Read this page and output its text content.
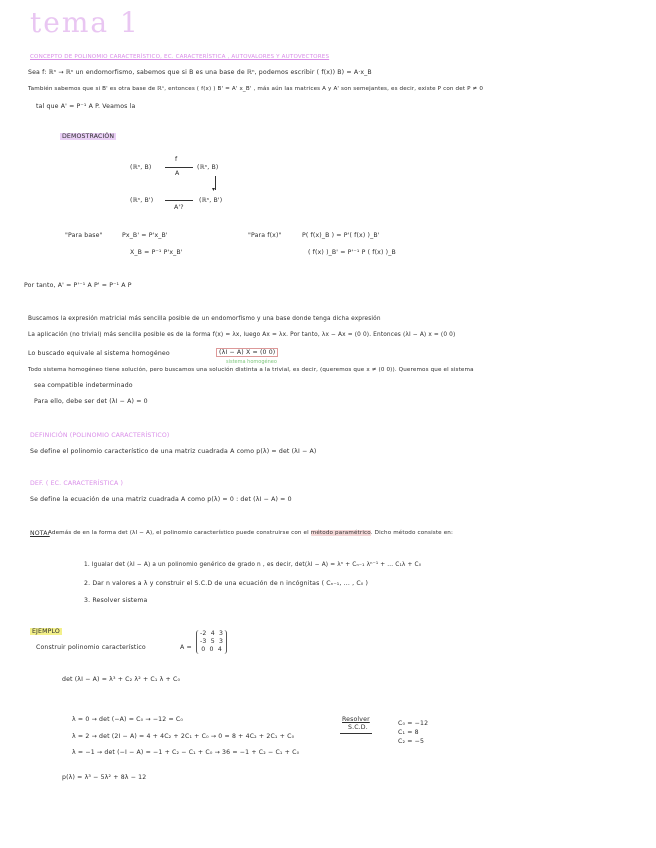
tema 1
CONCEPTO DE POLINOMIO CARACTERÍSTICO, EC. CARACTERÍSTICA , AUTOVALORES Y AUTOVECTORES
Sea f: ℝⁿ → ℝⁿ un endomorfismo, sabemos que si B es una base de ℝⁿ, podemos escribir ( f(x)) B) = A·x_B
También sabemos que si B' es otra base de ℝⁿ, entonces ( f(x) ) B' = A' x_B' , más aún las matrices A y A' son semejantes, es decir, existe P con det P ≠ 0
tal que A' = P⁻¹ A P. Veamos la
DEMOSTRACIÓN
(ℝⁿ, B)
f
A
(ℝⁿ, B)
▾
(ℝⁿ, B')
A'?
(ℝⁿ, B')
"Para base"	Px_B' = P'x_B'
X_B = P⁻¹ P'x_B'
"Para f(x)"	P( f(x)_B ) = P'( f(x) )_B'
( f(x) )_B' = P'⁻¹ P ( f(x) )_B
Por tanto, A' = P'⁻¹ A P' = P⁻¹ A P
Buscamos la expresión matricial más sencilla posible de un endomorfismo y una base donde tenga dicha expresión
La aplicación (no trivial) más sencilla posible es de la forma f(x) = λx, luego Ax = λx. Por tanto, λx − Ax = (0 0). Entonces (λI − A) x = (0 0)
Lo buscado equivale al sistema homogéneo	(λI − A) X = (0 0)
sistema homogéneo
Todo sistema homogéneo tiene solución, pero buscamos una solución distinta a la trivial, es decir, (queremos que x ≠ (0 0)). Queremos que el sistema
sea compatible indeterminado
Para ello, debe ser det (λI − A) = 0
DEFINICIÓN (POLINOMIO CARACTERÍSTICO)
Se define el polinomio característico de una matriz cuadrada A como p(λ) = det (λI − A)
DEF. ( EC. CARACTERÍSTICA )
Se define la ecuación de una matriz cuadrada A como p(λ) = 0 : det (λI − A) = 0
NOTA:
Además de en la forma det (λI − A), el polinomio característico puede construirse con el método paramétrico. Dicho método consiste en:
1. Igualar det (λI − A) a un polinomio genérico de grado n , es decir, det(λI − A) = λⁿ + Cₙ₋₁ λⁿ⁻¹ + ... C₁λ + C₀
2. Dar n valores a λ y construir el S.C.D de una ecuación de n incógnitas ( Cₙ₋₁, ... , C₀ )
3. Resolver sistema
EJEMPLO
Construir polinomio característico	A =
-2 4 3
-3 5 3
0 0 4
det (λI − A) = λ³ + C₂ λ² + C₁ λ + C₀
λ = 0 → det (−A) = C₀ → −12 = C₀
λ = 2 → det (2I − A) = 4 + 4C₂ + 2C₁ + C₀ → 0 = 8 + 4C₂ + 2C₁ + C₀
λ = −1 → det (−I − A) = −1 + C₂ − C₁ + C₀ → 36 = −1 + C₂ − C₁ + C₀
Resolver
S.C.D.
C₀ = −12
C₁ = 8
C₂ = −5
p(λ) = λ³ − 5λ² + 8λ − 12
